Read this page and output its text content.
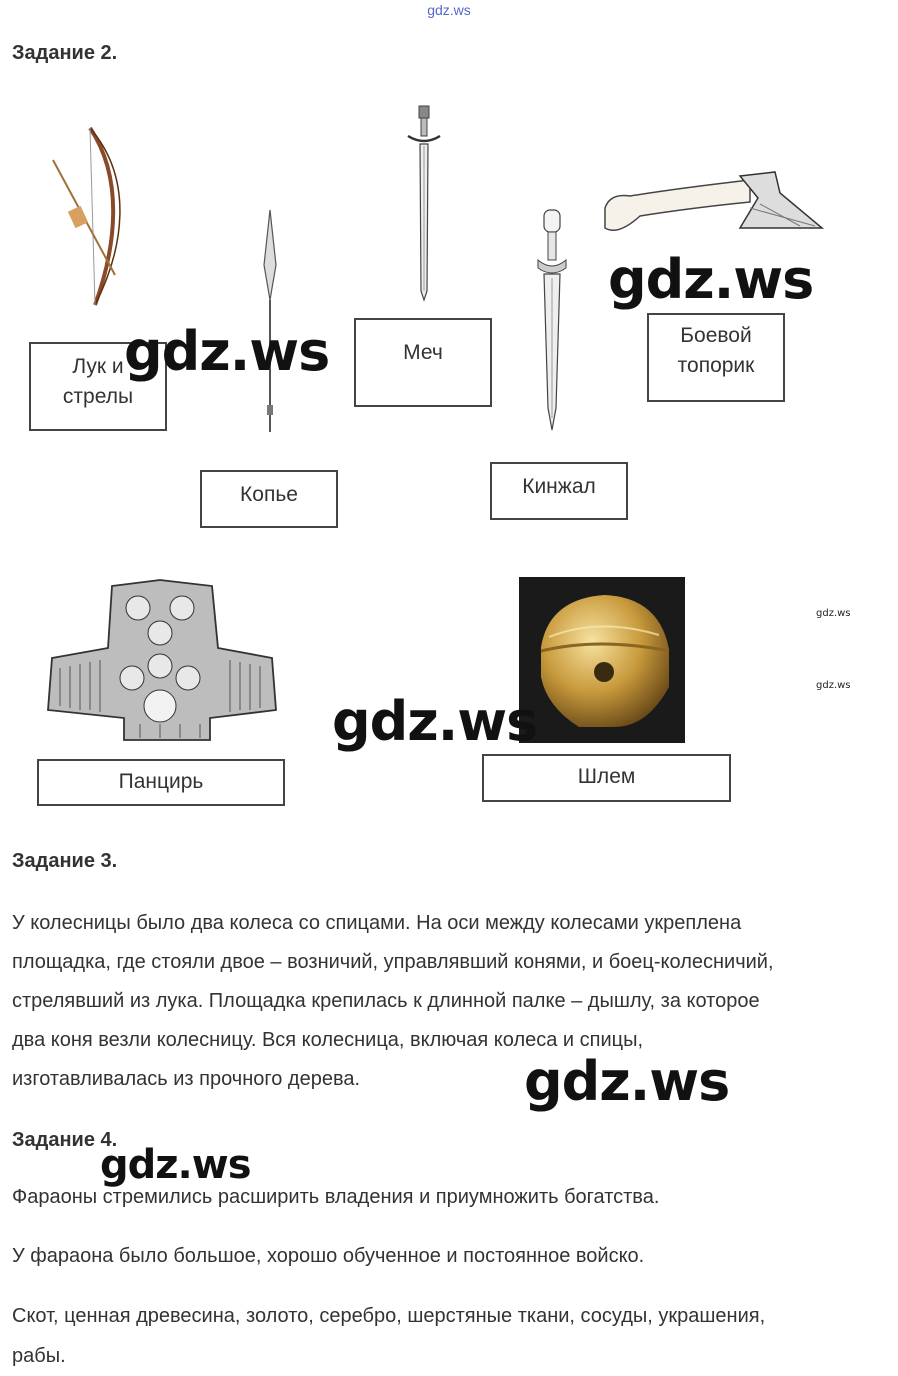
gdz.ws
Задание 2.
Лук и
стрелы
Копье
Меч
Кинжал
Боевой
топорик
Панцирь	Шлем
gdz.ws
gdz.ws
gdz.ws
gdz.ws
gdz.ws
Задание 3.
У колесницы было два колеса со спицами. На оси между колесами укреплена
площадка, где стояли двое – возничий, управлявший конями, и боец-колесничий,
стрелявший из лука. Площадка крепилась к длинной палке – дышлу, за которое
два коня везли колесницу. Вся колесница, включая колеса и спицы,
изготавливалась из прочного дерева.	gdz.ws
Задание 4.
gdz.ws
Фараоны стремились расширить владения и приумножить богатства.
У фараона было большое, хорошо обученное и постоянное войско.
Скот, ценная древесина, золото, серебро, шерстяные ткани, сосуды, украшения,
рабы.
